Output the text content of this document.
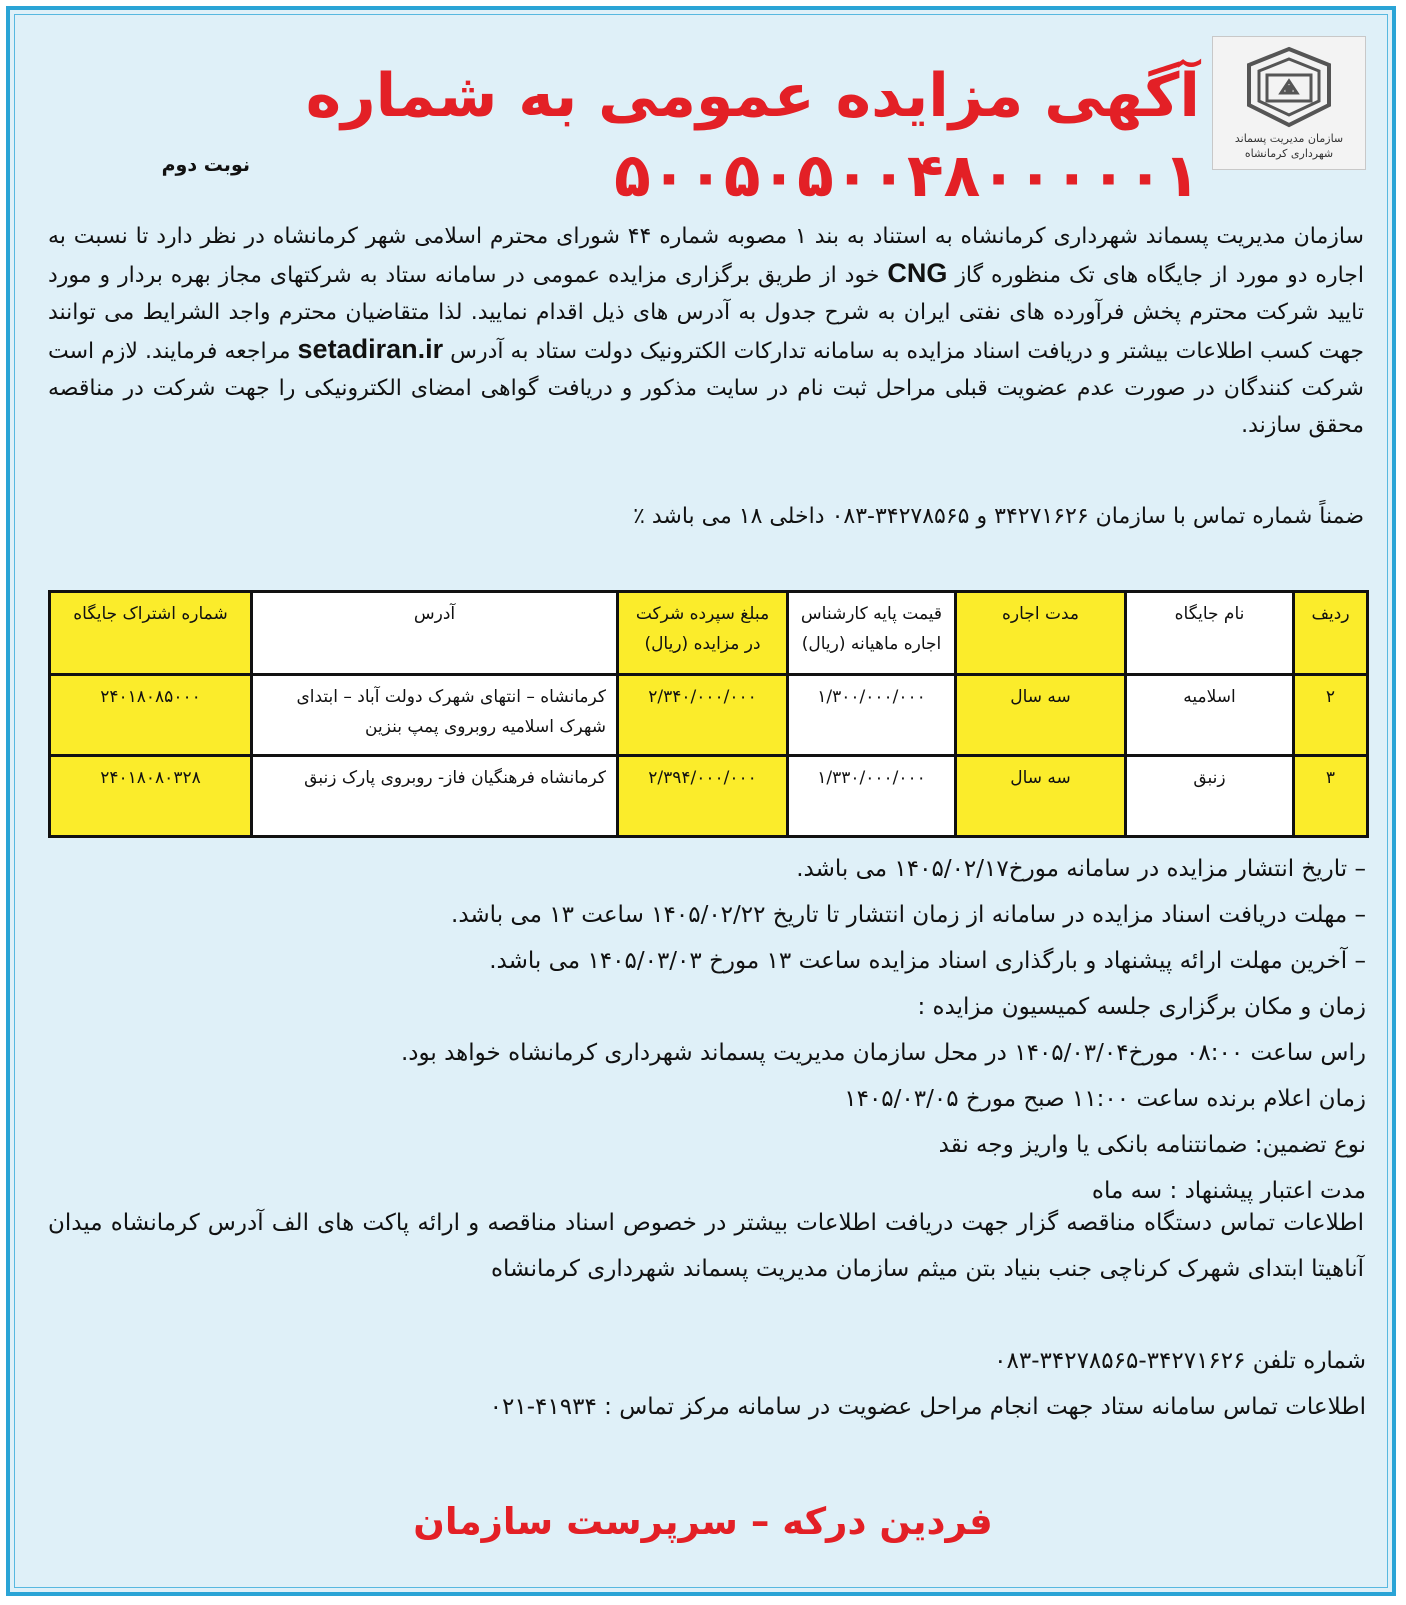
سازمان مدیریت پسماند
شهرداری کرمانشاه
آگهی مزایده عمومی به شماره ۵۰۰۵۰۵۰۰۴۸۰۰۰۰۰۱
نوبت دوم

سازمان مدیریت پسماند شهرداری کرمانشاه به استناد به بند ۱ مصوبه شماره ۴۴ شورای محترم اسلامی شهر کرمانشاه در نظر دارد تا نسبت به اجاره دو مورد از جایگاه های تک منظوره گاز CNG خود از طریق برگزاری مزایده عمومی در سامانه ستاد به شرکتهای مجاز بهره بردار و مورد تایید شرکت محترم پخش فرآورده های نفتی ایران به شرح جدول به آدرس های ذیل اقدام نمایید. لذا متقاضیان محترم واجد الشرایط می توانند جهت کسب اطلاعات بیشتر و دریافت اسناد مزایده به سامانه تدارکات الکترونیک دولت ستاد به آدرس setadiran.ir مراجعه فرمایند. لازم است شرکت کنندگان در صورت عدم عضویت قبلی مراحل ثبت نام در سایت مذکور و دریافت گواهی امضای الکترونیکی را جهت شرکت در مناقصه محقق سازند.

ضمناً شماره تماس با سازمان ۳۴۲۷۱۶۲۶ و ۳۴۲۷۸۵۶۵-۰۸۳ داخلی ۱۸ می باشد ٪

ردیف	نام جایگاه	مدت اجاره	قیمت پایه کارشناس اجاره ماهیانه (ریال)	مبلغ سپرده شرکت در مزایده (ریال)	آدرس	شماره اشتراک جایگاه
۲	اسلامیه	سه سال	۱/۳۰۰/۰۰۰/۰۰۰	۲/۳۴۰/۰۰۰/۰۰۰	کرمانشاه – انتهای شهرک دولت آباد – ابتدای شهرک اسلامیه روبروی پمپ بنزین	۲۴۰۱۸۰۸۵۰۰۰
۳	زنبق	سه سال	۱/۳۳۰/۰۰۰/۰۰۰	۲/۳۹۴/۰۰۰/۰۰۰	کرمانشاه فرهنگیان فاز- روبروی پارک زنبق	۲۴۰۱۸۰۸۰۳۲۸
– تاریخ انتشار مزایده در سامانه مورخ۱۴۰۵/۰۲/۱۷ می باشد.
– مهلت دریافت اسناد مزایده در سامانه از زمان انتشار تا تاریخ ۱۴۰۵/۰۲/۲۲ ساعت ۱۳ می باشد.
– آخرین مهلت ارائه پیشنهاد و بارگذاری اسناد مزایده ساعت ۱۳ مورخ ۱۴۰۵/۰۳/۰۳ می باشد.
زمان و مکان برگزاری جلسه کمیسیون مزایده :
راس ساعت ۰۸:۰۰ مورخ۱۴۰۵/۰۳/۰۴ در محل سازمان مدیریت پسماند شهرداری کرمانشاه خواهد بود.
زمان اعلام برنده ساعت ۱۱:۰۰ صبح مورخ ۱۴۰۵/۰۳/۰۵
نوع تضمین: ضمانتنامه بانکی یا واریز وجه نقد
مدت اعتبار پیشنهاد : سه ماه

اطلاعات تماس دستگاه مناقصه گزار جهت دریافت اطلاعات بیشتر در خصوص اسناد مناقصه و ارائه پاکت های الف آدرس کرمانشاه میدان آناهیتا ابتدای شهرک کرناچی جنب بنیاد بتن میثم سازمان مدیریت پسماند شهرداری کرمانشاه

شماره تلفن ۳۴۲۷۱۶۲۶-۳۴۲۷۸۵۶۵-۰۸۳
اطلاعات تماس سامانه ستاد جهت انجام مراحل عضویت در سامانه مرکز تماس : ۴۱۹۳۴-۰۲۱
فردین درکه – سرپرست سازمان
